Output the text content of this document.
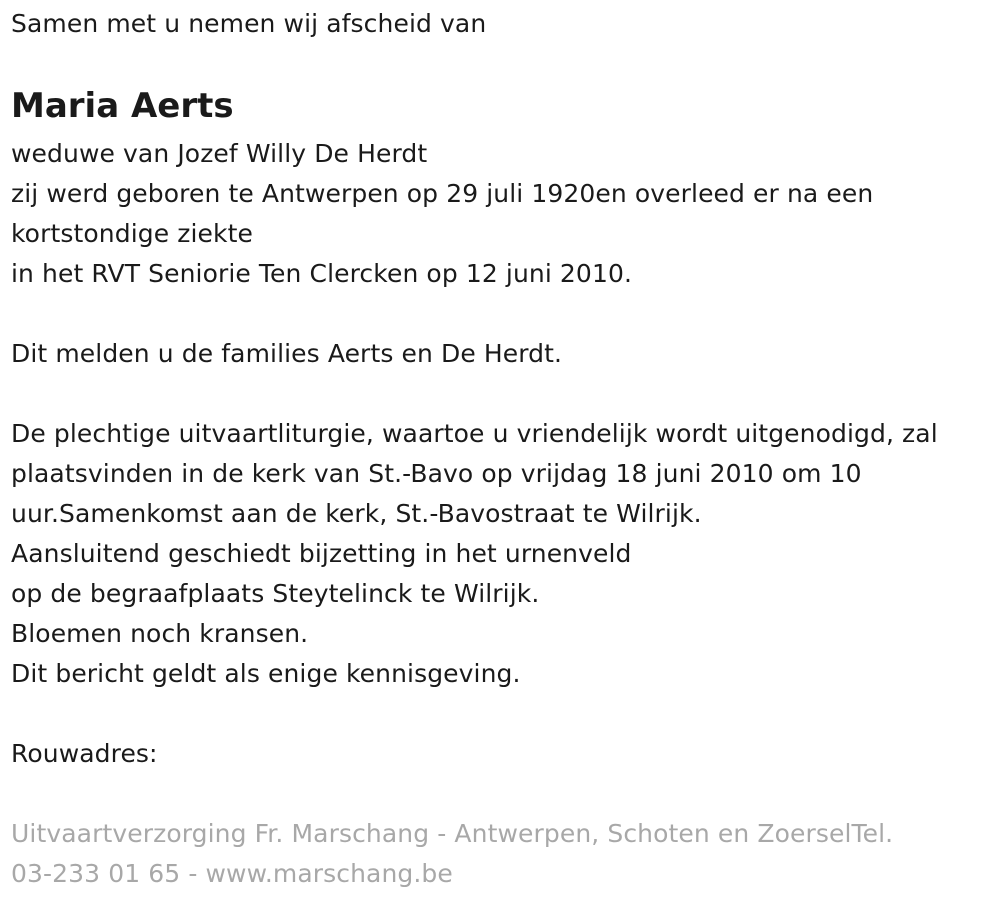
Samen met u nemen wij afscheid van
Maria Aerts
weduwe van Jozef Willy De Herdt
zij werd geboren te Antwerpen op 29 juli 1920en overleed er na een
kortstondige ziekte
in het RVT Seniorie Ten Clercken op 12 juni 2010.
Dit melden u de families Aerts en De Herdt.
De plechtige uitvaartliturgie, waartoe u vriendelijk wordt uitgenodigd, zal
plaatsvinden in de kerk van St.-Bavo op vrijdag 18 juni 2010 om 10
uur.Samenkomst aan de kerk, St.-Bavostraat te Wilrijk.
Aansluitend geschiedt bijzetting in het urnenveld
op de begraafplaats Steytelinck te Wilrijk.
Bloemen noch kransen.
Dit bericht geldt als enige kennisgeving.
Rouwadres:
Uitvaartverzorging Fr. Marschang - Antwerpen, Schoten en ZoerselTel.
03-233 01 65 - www.marschang.be
